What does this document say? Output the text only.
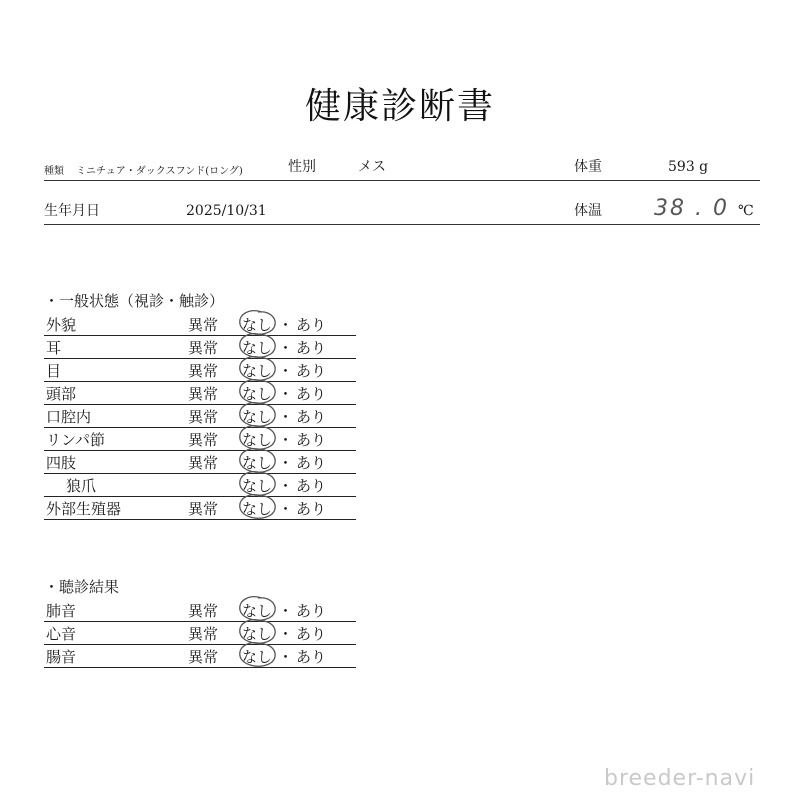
健康診断書
種類 ミニチュア・ダックスフンド(ロング)	性別	メス	体重	593 g
生年月日	2025/10/31	体温 38 . 0 ℃
・一般状態（視診・触診）
外貌	異常 なし ・ あり
耳	異常 なし ・ あり
目	異常 なし ・ あり
頭部	異常 なし ・ あり
口腔内	異常 なし ・ あり
リンパ節	異常 なし ・ あり
四肢	異常 なし ・ あり
狼爪	なし ・ あり
外部生殖器	異常 なし ・ あり
・聴診結果
肺音	異常 なし ・ あり
心音	異常 なし ・ あり
腸音	異常 なし ・ あり
breeder-navi
